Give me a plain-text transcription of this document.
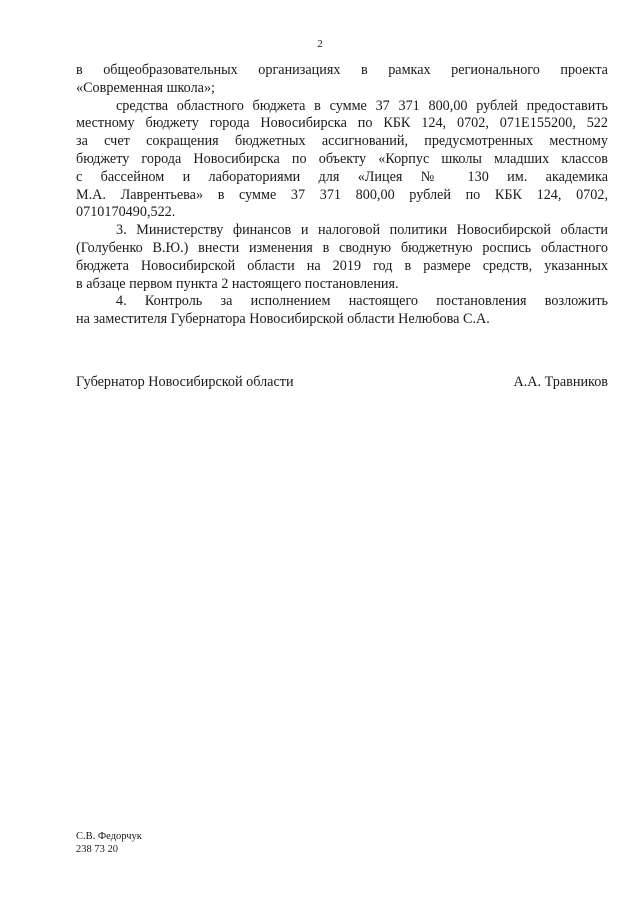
2
в общеобразовательных организациях в рамках регионального проекта
«Современная школа»;
средства областного бюджета в сумме 37 371 800,00 рублей предоставить
местному бюджету города Новосибирска по КБК 124, 0702, 071E155200, 522
за счет сокращения бюджетных ассигнований, предусмотренных местному
бюджету города Новосибирска по объекту «Корпус школы младших классов
с бассейном и лабораториями для «Лицея № 130 им. академика
М.А. Лаврентьева» в сумме 37 371 800,00 рублей по КБК 124, 0702,
0710170490,522.
3. Министерству финансов и налоговой политики Новосибирской области
(Голубенко В.Ю.) внести изменения в сводную бюджетную роспись областного
бюджета Новосибирской области на 2019 год в размере средств, указанных
в абзаце первом пункта 2 настоящего постановления.
4. Контроль за исполнением настоящего постановления возложить
на заместителя Губернатора Новосибирской области Нелюбова С.А.
Губернатор Новосибирской области	А.А. Травников
С.В. Федорчук
238 73 20
